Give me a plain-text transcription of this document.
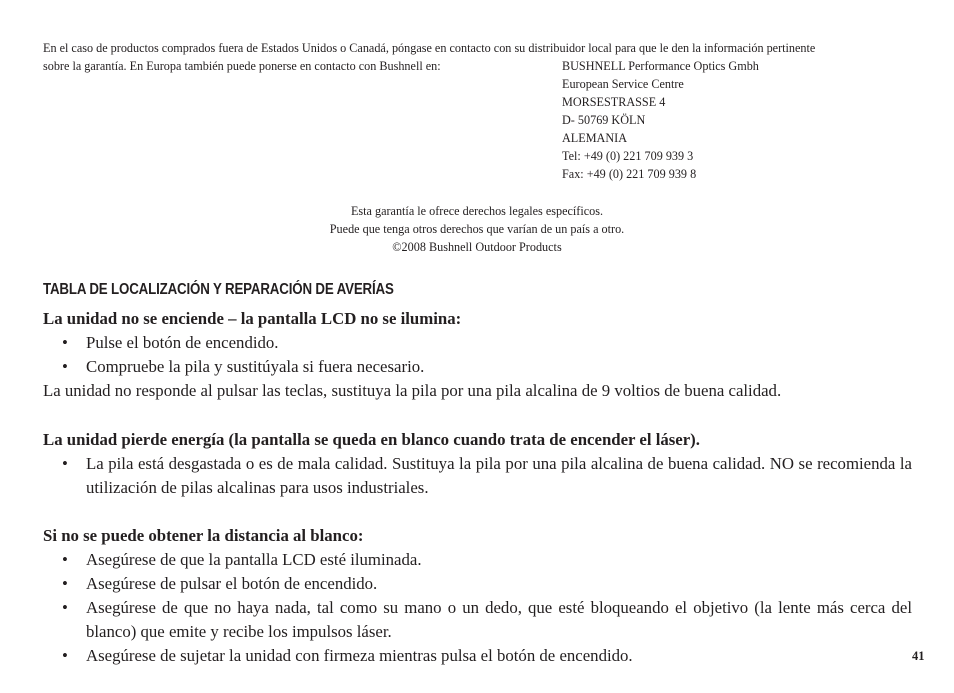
En el caso de productos comprados fuera de Estados Unidos o Canadá, póngase en contacto con su distribuidor local para que le den la información pertinente
sobre la garantía. En Europa también puede ponerse en contacto con Bushnell en:	BUSHNELL Performance Optics Gmbh
European Service Centre
MORSESTRASSE 4
D- 50769 KÖLN
ALEMANIA
Tel: +49 (0) 221 709 939 3
Fax: +49 (0) 221 709 939 8
Esta garantía le ofrece derechos legales específicos.
Puede que tenga otros derechos que varían de un país a otro.
©2008 Bushnell Outdoor Products
TABLA DE LOCALIZACIÓN Y REPARACIÓN DE AVERÍAS
La unidad no se enciende – la pantalla LCD no se ilumina:
•	Pulse el botón de encendido.
•	Compruebe la pila y sustitúyala si fuera necesario.
La unidad no responde al pulsar las teclas, sustituya la pila por una pila alcalina de 9 voltios de buena calidad.
La unidad pierde energía (la pantalla se queda en blanco cuando trata de encender el láser).
•	La pila está desgastada o es de mala calidad. Sustituya la pila por una pila alcalina de buena calidad. NO se recomienda la utilización de pilas alcalinas para usos industriales.
Si no se puede obtener la distancia al blanco:
•	Asegúrese de que la pantalla LCD esté iluminada.
•	Asegúrese de pulsar el botón de encendido.
•	Asegúrese de que no haya nada, tal como su mano o un dedo, que esté bloqueando el objetivo (la lente más cerca del blanco) que emite y recibe los impulsos láser.
•	Asegúrese de sujetar la unidad con firmeza mientras pulsa el botón de encendido.	41
